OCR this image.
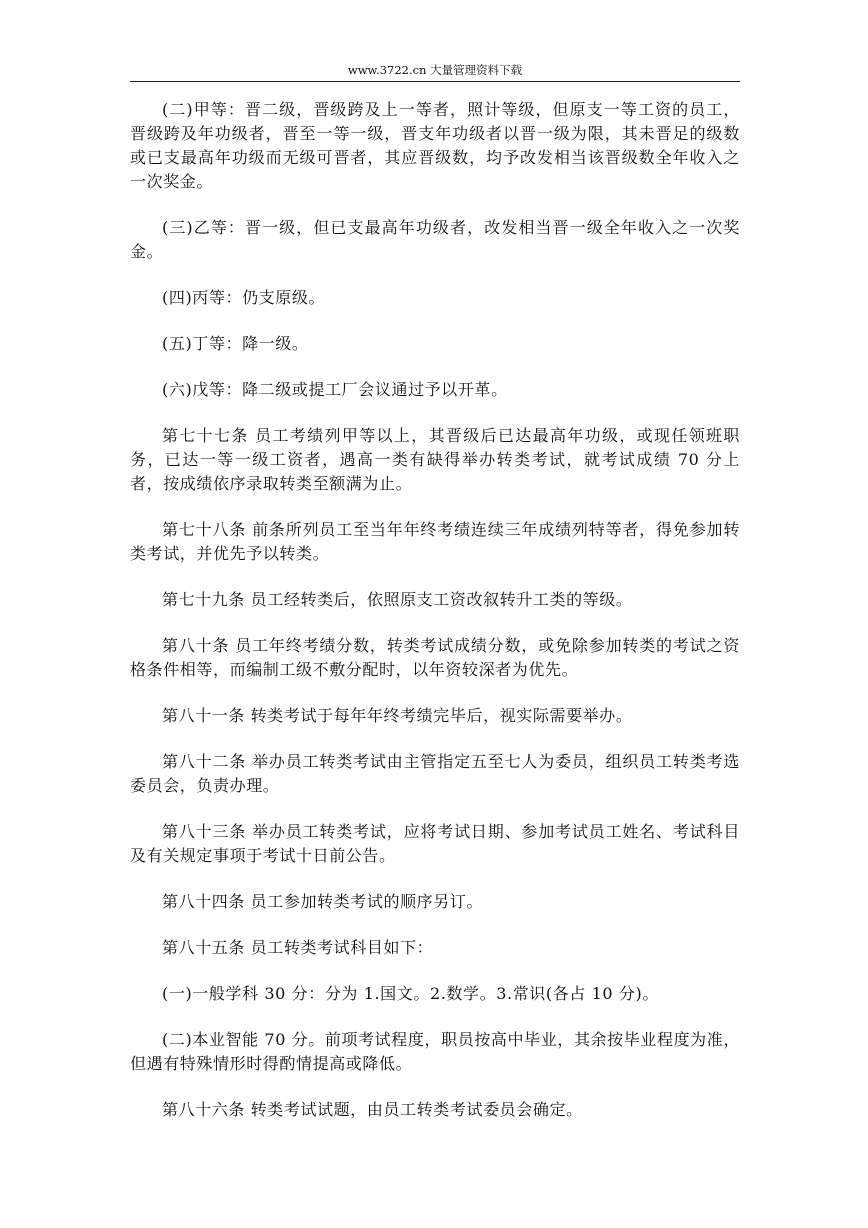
www.3722.cn 大量管理资料下载

(二)甲等：晋二级，晋级跨及上一等者，照计等级，但原支一等工资的员工，晋级跨及年功级者，晋至一等一级，晋支年功级者以晋一级为限，其未晋足的级数或已支最高年功级而无级可晋者，其应晋级数，均予改发相当该晋级数全年收入之一次奖金。

(三)乙等：晋一级，但已支最高年功级者，改发相当晋一级全年收入之一次奖金。

(四)丙等：仍支原级。

(五)丁等：降一级。

(六)戊等：降二级或提工厂会议通过予以开革。

第七十七条 员工考绩列甲等以上，其晋级后已达最高年功级，或现任领班职务，已达一等一级工资者，遇高一类有缺得举办转类考试，就考试成绩 70 分上者，按成绩依序录取转类至额满为止。

第七十八条 前条所列员工至当年年终考绩连续三年成绩列特等者，得免参加转类考试，并优先予以转类。

第七十九条 员工经转类后，依照原支工资改叙转升工类的等级。

第八十条 员工年终考绩分数，转类考试成绩分数，或免除参加转类的考试之资格条件相等，而编制工级不敷分配时，以年资较深者为优先。

第八十一条 转类考试于每年年终考绩完毕后，视实际需要举办。

第八十二条 举办员工转类考试由主管指定五至七人为委员，组织员工转类考选委员会，负责办理。

第八十三条 举办员工转类考试，应将考试日期、参加考试员工姓名、考试科目及有关规定事项于考试十日前公告。

第八十四条 员工参加转类考试的顺序另订。

第八十五条 员工转类考试科目如下：

(一)一般学科 30 分：分为 1.国文。2.数学。3.常识(各占 10 分)。

(二)本业智能 70 分。前项考试程度，职员按高中毕业，其余按毕业程度为准，但遇有特殊情形时得酌情提高或降低。

第八十六条 转类考试试题，由员工转类考试委员会确定。
